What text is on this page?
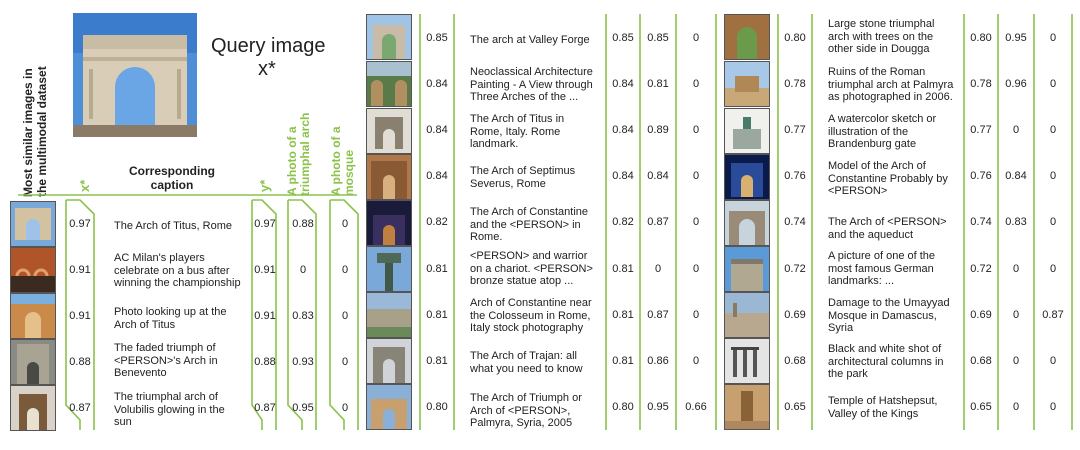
Query image
x*
Most similar images in the multimodal dataset x*
Corresponding
caption	y* A photo of a triumphal arch A photo of a mosque
0.97 The Arch of Titus, Rome	0.97	0.88	0
0.91
AC Milan's players
celebrate on a bus after
winning the championship
0.91	0	0
0.91 Photo looking up at the
Arch of Titus
0.91	0.83	0
0.88
The faded triumph of
<PERSON>'s Arch in
Benevento
0.88	0.93	0
0.87
The triumphal arch of
Volubilis glowing in the
sun
0.87	0.95	0
0.85	The arch at Valley Forge	0.85	0.85	0
0.84
Neoclassical Architecture
Painting - A View through
Three Arches of the ...
0.84	0.81	0
0.84
The Arch of Titus in
Rome, Italy. Rome
landmark.
0.84	0.89	0
0.84	The Arch of Septimus
Severus, Rome
0.84	0.84	0
0.82
The Arch of Constantine
and the <PERSON> in
Rome.
0.82	0.87	0
0.81
<PERSON> and warrior
on a chariot. <PERSON>
bronze statue atop ...
0.81	0	0
0.81
Arch of Constantine near
the Colosseum in Rome,
Italy stock photography
0.81	0.87	0
0.81	The Arch of Trajan: all
what you need to know
0.81	0.86	0
0.80
The Arch of Triumph or
Arch of <PERSON>,
Palmyra, Syria, 2005
0.80	0.95	0.66
0.80
Large stone triumphal
arch with trees on the
other side in Dougga
0.80	0.95	0
0.78
Ruins of the Roman
triumphal arch at Palmyra
as photographed in 2006.
0.78	0.96	0
0.77
A watercolor sketch or
illustration of the
Brandenburg gate
0.77	0	0
0.76
Model of the Arch of
Constantine Probably by
<PERSON>
0.76	0.84	0
0.74	The Arch of <PERSON>
and the aqueduct
0.74	0.83	0
0.72
A picture of one of the
most famous German
landmarks: ...
0.72	0	0
0.69
Damage to the Umayyad
Mosque in Damascus,
Syria
0.69	0	0.87
0.68
Black and white shot of
architectural columns in
the park
0.68	0	0
0.65	Temple of Hatshepsut,
Valley of the Kings
0.65	0	0
